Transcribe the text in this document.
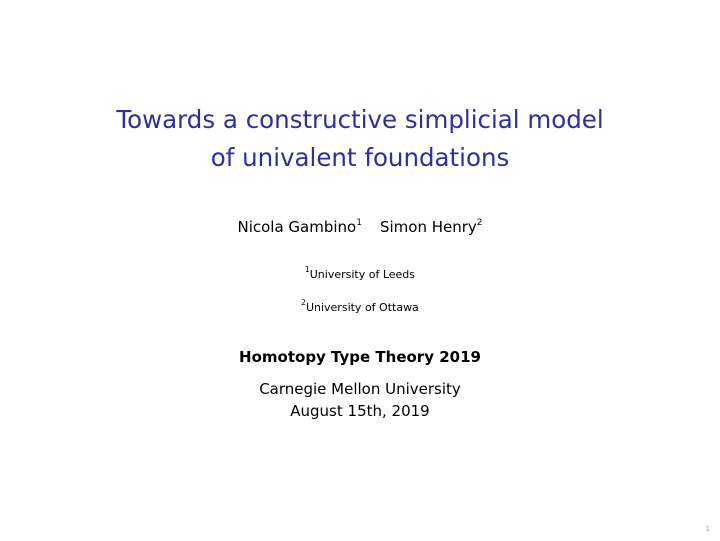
Towards a constructive simplicial model
of univalent foundations
Nicola Gambino$^1$ Simon Henry$^2$
$^1$University of Leeds
$^2$University of Ottawa
Homotopy Type Theory 2019
Carnegie Mellon University
August 15th, 2019
1
